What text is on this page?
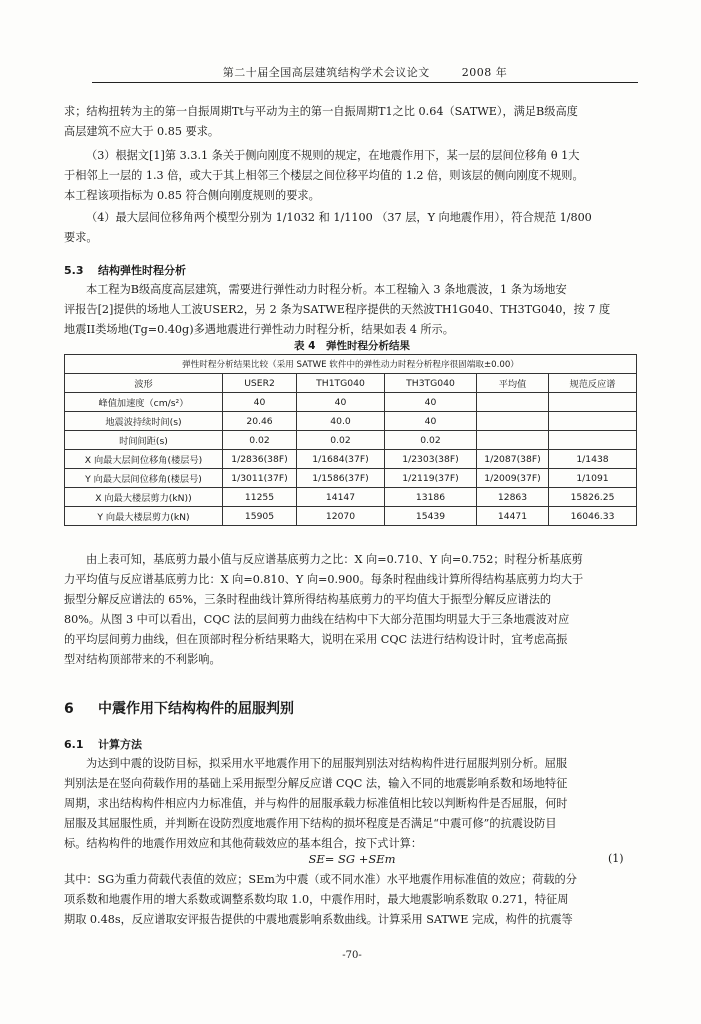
第二十届全国高层建筑结构学术会议论文	2008 年
求；结构扭转为主的第一自振周期Tt与平动为主的第一自振周期T1之比 0.64（SATWE），满足B级高度
高层建筑不应大于 0.85 要求。
（3）根据文[1]第 3.3.1 条关于侧向刚度不规则的规定，在地震作用下，某一层的层间位移角 θ 1大
于相邻上一层的 1.3 倍，或大于其上相邻三个楼层之间位移平均值的 1.2 倍，则该层的侧向刚度不规则。
本工程该项指标为 0.85 符合侧向刚度规则的要求。
（4）最大层间位移角两个模型分别为 1/1032 和 1/1100 （37 层，Y 向地震作用），符合规范 1/800
要求。
5.3 结构弹性时程分析
本工程为B级高度高层建筑，需要进行弹性动力时程分析。本工程输入 3 条地震波，1 条为场地安
评报告[2]提供的场地人工波USER2，另 2 条为SATWE程序提供的天然波TH1G040、TH3TG040，按 7 度
地震II类场地(Tg=0.40g)多遇地震进行弹性动力时程分析，结果如表 4 所示。
表 4　弹性时程分析结果
弹性时程分析结果比较（采用 SATWE 软件中的弹性动力时程分析程序很固端取±0.00）					
波形	USER2	TH1TG040	TH3TG040	平均值	规范反应谱
峰值加速度（cm/s²）	40	40	40		
地震波持续时间(s)	20.46	40.0	40		
时间间距(s)	0.02	0.02	0.02		
X 向最大层间位移角(楼层号)	1/2836(38F)	1/1684(37F)	1/2303(38F)	1/2087(38F)	1/1438
Y 向最大层间位移角(楼层号)	1/3011(37F)	1/1586(37F)	1/2119(37F)	1/2009(37F)	1/1091
X 向最大楼层剪力(kN))	11255	14147	13186	12863	15826.25
Y 向最大楼层剪力(kN)	15905	12070	15439	14471	16046.33
由上表可知，基底剪力最小值与反应谱基底剪力之比：X 向=0.710、Y 向=0.752；时程分析基底剪
力平均值与反应谱基底剪力比：X 向=0.810、Y 向=0.900。每条时程曲线计算所得结构基底剪力均大于
振型分解反应谱法的 65%，三条时程曲线计算所得结构基底剪力的平均值大于振型分解反应谱法的
80%。从图 3 中可以看出，CQC 法的层间剪力曲线在结构中下大部分范围均明显大于三条地震波对应
的平均层间剪力曲线，但在顶部时程分析结果略大，说明在采用 CQC 法进行结构设计时，宜考虑高振
型对结构顶部带来的不利影响。
6 中震作用下结构构件的屈服判别
6.1 计算方法
为达到中震的设防目标，拟采用水平地震作用下的屈服判别法对结构构件进行屈服判别分析。屈服
判别法是在竖向荷载作用的基础上采用振型分解反应谱 CQC 法，输入不同的地震影响系数和场地特征
周期，求出结构构件相应内力标准值，并与构件的屈服承载力标准值相比较以判断构件是否屈服，何时
屈服及其屈服性质，并判断在设防烈度地震作用下结构的损坏程度是否满足“中震可修”的抗震设防目
标。结构构件的地震作用效应和其他荷载效应的基本组合，按下式计算：
SE= SG +SEm	(1)
其中：SG为重力荷载代表值的效应；SEm为中震（或不同水准）水平地震作用标准值的效应；荷载的分
项系数和地震作用的增大系数或调整系数均取 1.0，中震作用时，最大地震影响系数取 0.271，特征周
期取 0.48s，反应谱取安评报告提供的中震地震影响系数曲线。计算采用 SATWE 完成，构件的抗震等
-70-
